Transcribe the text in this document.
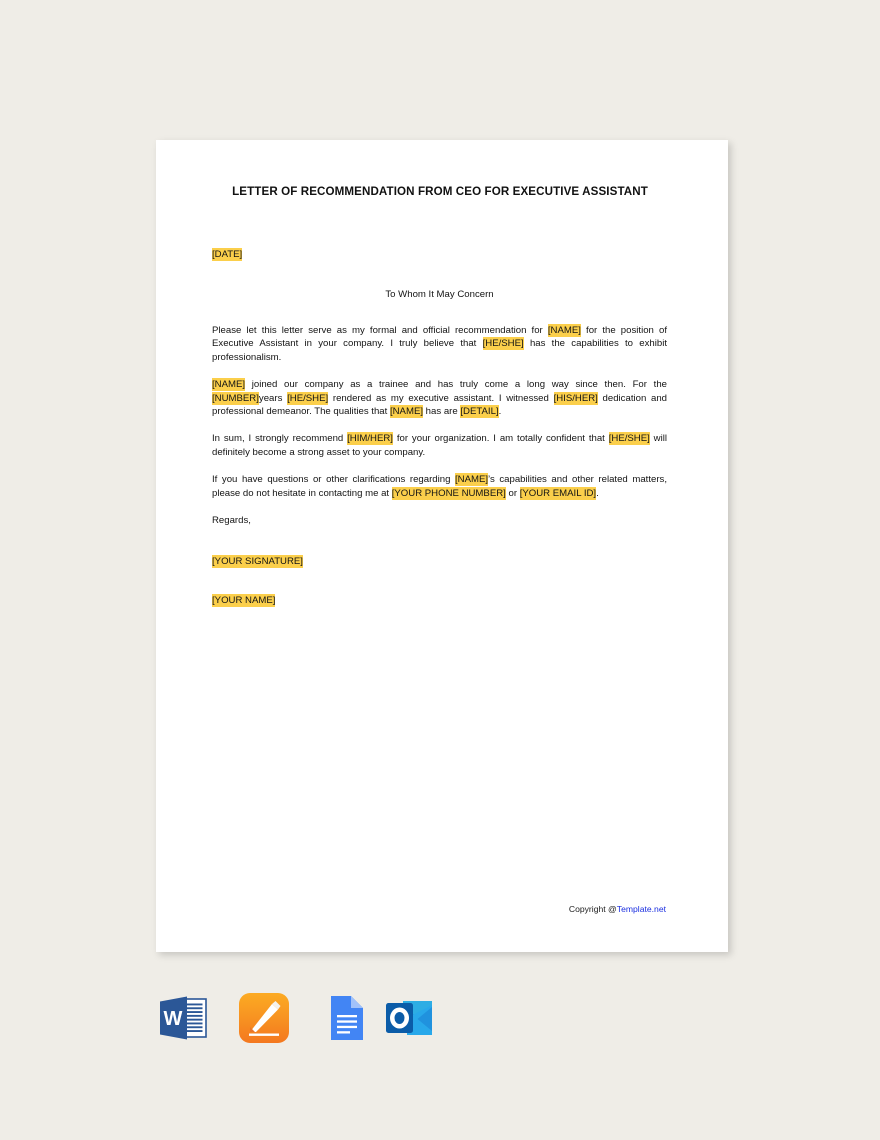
LETTER OF RECOMMENDATION FROM CEO FOR EXECUTIVE ASSISTANT

[DATE]

To Whom It May Concern

Please let this letter serve as my formal and official recommendation for [NAME] for the position of Executive Assistant in your company. I truly believe that [HE/SHE] has the capabilities to exhibit professionalism.

[NAME] joined our company as a trainee and has truly come a long way since then. For the [NUMBER]years [HE/SHE] rendered as my executive assistant. I witnessed [HIS/HER] dedication and professional demeanor. The qualities that [NAME] has are [DETAIL].

In sum, I strongly recommend [HIM/HER] for your organization. I am totally confident that [HE/SHE] will definitely become a strong asset to your company.

If you have questions or other clarifications regarding [NAME]’s capabilities and other related matters, please do not hesitate in contacting me at [YOUR PHONE NUMBER] or [YOUR EMAIL ID].

Regards,

[YOUR SIGNATURE]

[YOUR NAME]

Copyright @Template.net
W
